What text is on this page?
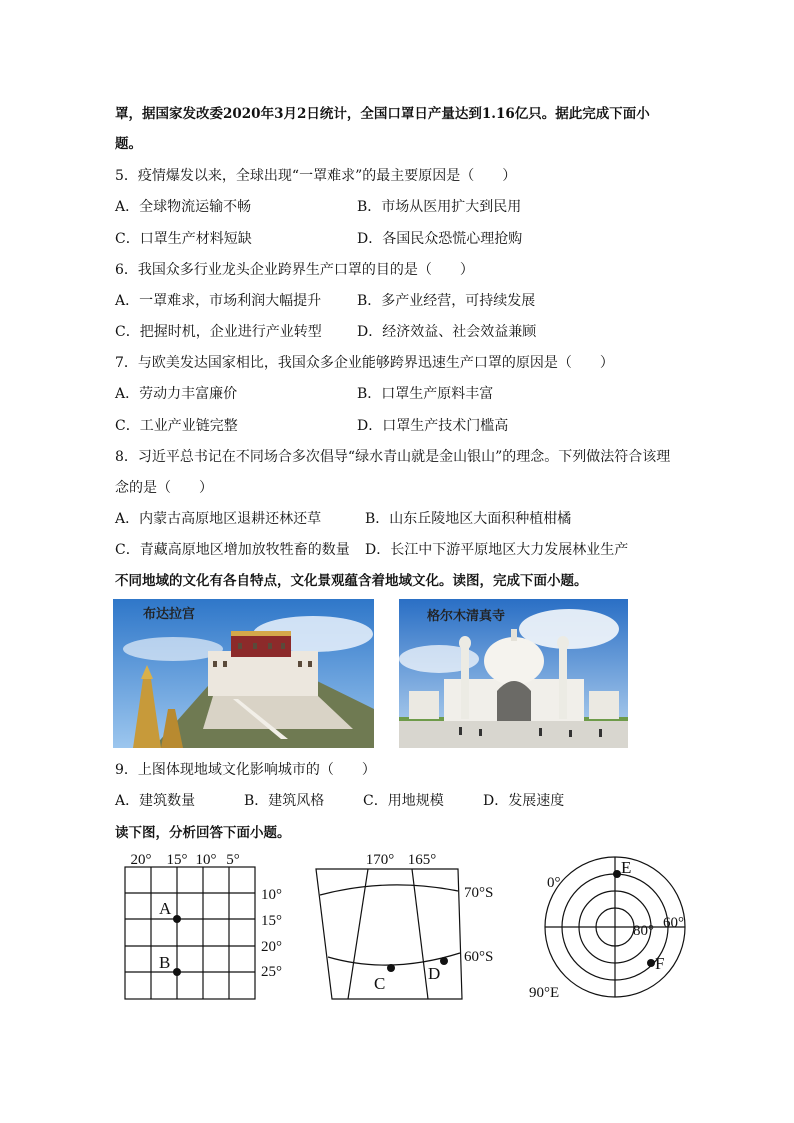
罩，据国家发改委2020年3月2日统计，全国口罩日产量达到1.16亿只。据此完成下面小
题。
5．疫情爆发以来，全球出现“一罩难求”的最主要原因是（　　）
A．全球物流运输不畅	B．市场从医用扩大到民用
C．口罩生产材料短缺	D．各国民众恐慌心理抢购
6．我国众多行业龙头企业跨界生产口罩的目的是（　　）
A．一罩难求，市场利润大幅提升	B．多产业经营，可持续发展
C．把握时机，企业进行产业转型	D．经济效益、社会效益兼顾
7．与欧美发达国家相比，我国众多企业能够跨界迅速生产口罩的原因是（　　）
A．劳动力丰富廉价	B．口罩生产原料丰富
C．工业产业链完整	D．口罩生产技术门槛高
8．习近平总书记在不同场合多次倡导“绿水青山就是金山银山”的理念。下列做法符合该理
念的是（　　）
A．内蒙古高原地区退耕还林还草	B．山东丘陵地区大面积种植柑橘
C．青藏高原地区增加放牧牲畜的数量 D．长江中下游平原地区大力发展林业生产
不同地域的文化有各自特点，文化景观蕴含着地域文化。读图，完成下面小题。
布达拉宫	格尔木清真寺
9．上图体现地域文化影响城市的（　　）
A．建筑数量	B．建筑风格	C．用地规模	D．发展速度
读下图，分析回答下面小题。
20° 15° 10° 5°
10°
15°
20°
25°
A
B
170° 165°
70°S
60°S
C
D
0°
80° 60°
90°E
E
F
